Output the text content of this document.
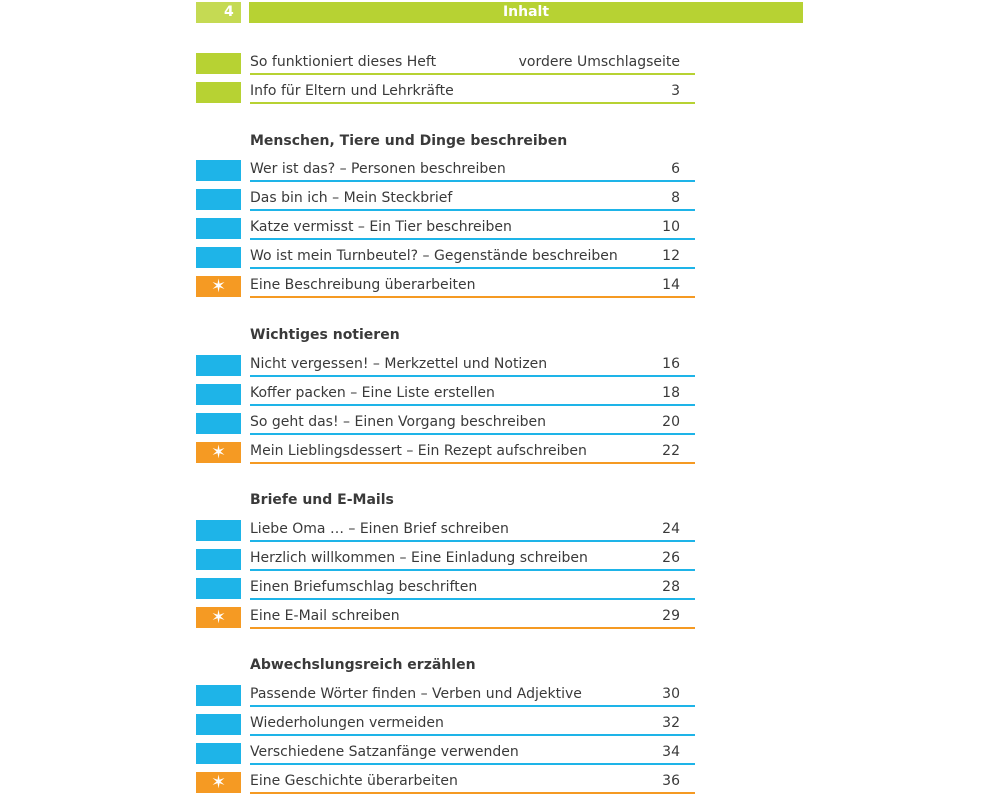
4	Inhalt
So funktioniert dieses Heft	vordere Umschlagseite
Info für Eltern und Lehrkräfte	3
Menschen, Tiere und Dinge beschreiben
Wer ist das? – Personen beschreiben	6
Das bin ich – Mein Steckbrief	8
Katze vermisst – Ein Tier beschreiben	10
Wo ist mein Turnbeutel? – Gegenstände beschreiben	12
✶	Eine Beschreibung überarbeiten	14
Wichtiges notieren
Nicht vergessen! – Merkzettel und Notizen	16
Koffer packen – Eine Liste erstellen	18
So geht das! – Einen Vorgang beschreiben	20
✶	Mein Lieblingsdessert – Ein Rezept aufschreiben	22
Briefe und E-Mails
Liebe Oma … – Einen Brief schreiben	24
Herzlich willkommen – Eine Einladung schreiben	26
Einen Briefumschlag beschriften	28
✶	Eine E-Mail schreiben	29
Abwechslungsreich erzählen
Passende Wörter finden – Verben und Adjektive	30
Wiederholungen vermeiden	32
Verschiedene Satzanfänge verwenden	34
✶	Eine Geschichte überarbeiten	36
